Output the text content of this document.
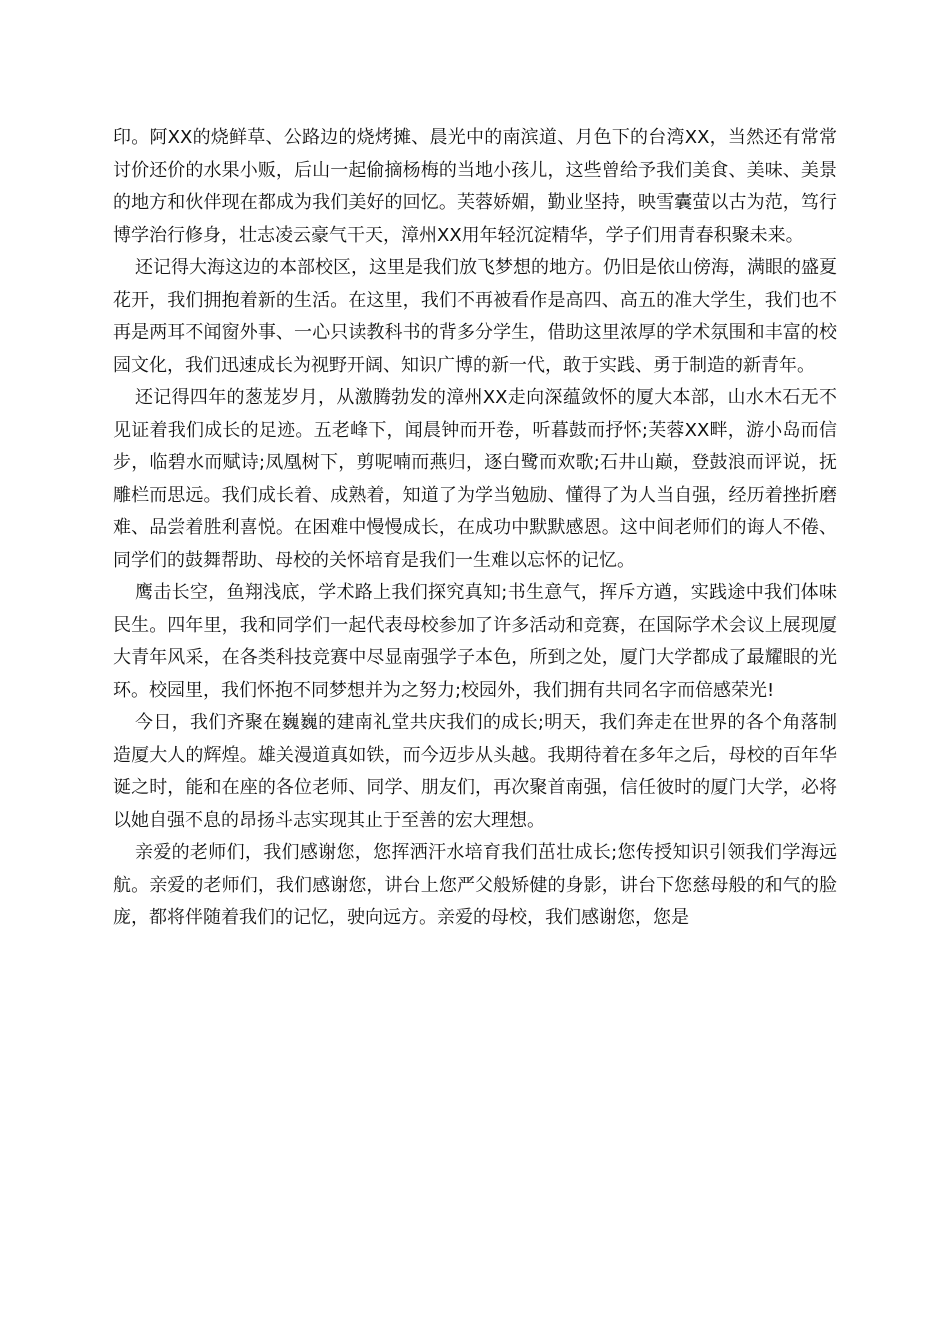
印。阿XX的烧鲜草、公路边的烧烤摊、晨光中的南滨道、月色下的台湾XX，当然还有常常讨价还价的水果小贩，后山一起偷摘杨梅的当地小孩儿，这些曾给予我们美食、美味、美景的地方和伙伴现在都成为我们美好的回忆。芙蓉娇媚，勤业坚持，映雪囊萤以古为范，笃行博学治行修身，壮志凌云豪气干天，漳州XX用年轻沉淀精华，学子们用青春积聚未来。

还记得大海这边的本部校区，这里是我们放飞梦想的地方。仍旧是依山傍海，满眼的盛夏花开，我们拥抱着新的生活。在这里，我们不再被看作是高四、高五的准大学生，我们也不再是两耳不闻窗外事、一心只读教科书的背多分学生，借助这里浓厚的学术氛围和丰富的校园文化，我们迅速成长为视野开阔、知识广博的新一代，敢于实践、勇于制造的新青年。

还记得四年的葱茏岁月，从激腾勃发的漳州XX走向深蕴敛怀的厦大本部，山水木石无不见证着我们成长的足迹。五老峰下，闻晨钟而开卷，听暮鼓而抒怀;芙蓉XX畔，游小岛而信步，临碧水而赋诗;凤凰树下，剪呢喃而燕归，逐白鹭而欢歌;石井山巅，登鼓浪而评说，抚雕栏而思远。我们成长着、成熟着，知道了为学当勉励、懂得了为人当自强，经历着挫折磨难、品尝着胜利喜悦。在困难中慢慢成长，在成功中默默感恩。这中间老师们的诲人不倦、同学们的鼓舞帮助、母校的关怀培育是我们一生难以忘怀的记忆。

鹰击长空，鱼翔浅底，学术路上我们探究真知;书生意气，挥斥方遒，实践途中我们体味民生。四年里，我和同学们一起代表母校参加了许多活动和竞赛，在国际学术会议上展现厦大青年风采，在各类科技竞赛中尽显南强学子本色，所到之处，厦门大学都成了最耀眼的光环。校园里，我们怀抱不同梦想并为之努力;校园外，我们拥有共同名字而倍感荣光!

今日，我们齐聚在巍巍的建南礼堂共庆我们的成长;明天，我们奔走在世界的各个角落制造厦大人的辉煌。雄关漫道真如铁，而今迈步从头越。我期待着在多年之后，母校的百年华诞之时，能和在座的各位老师、同学、朋友们，再次聚首南强，信任彼时的厦门大学，必将以她自强不息的昂扬斗志实现其止于至善的宏大理想。

亲爱的老师们，我们感谢您，您挥洒汗水培育我们茁壮成长;您传授知识引领我们学海远航。亲爱的老师们，我们感谢您，讲台上您严父般矫健的身影，讲台下您慈母般的和气的脸庞，都将伴随着我们的记忆，驶向远方。亲爱的母校，我们感谢您，您是
